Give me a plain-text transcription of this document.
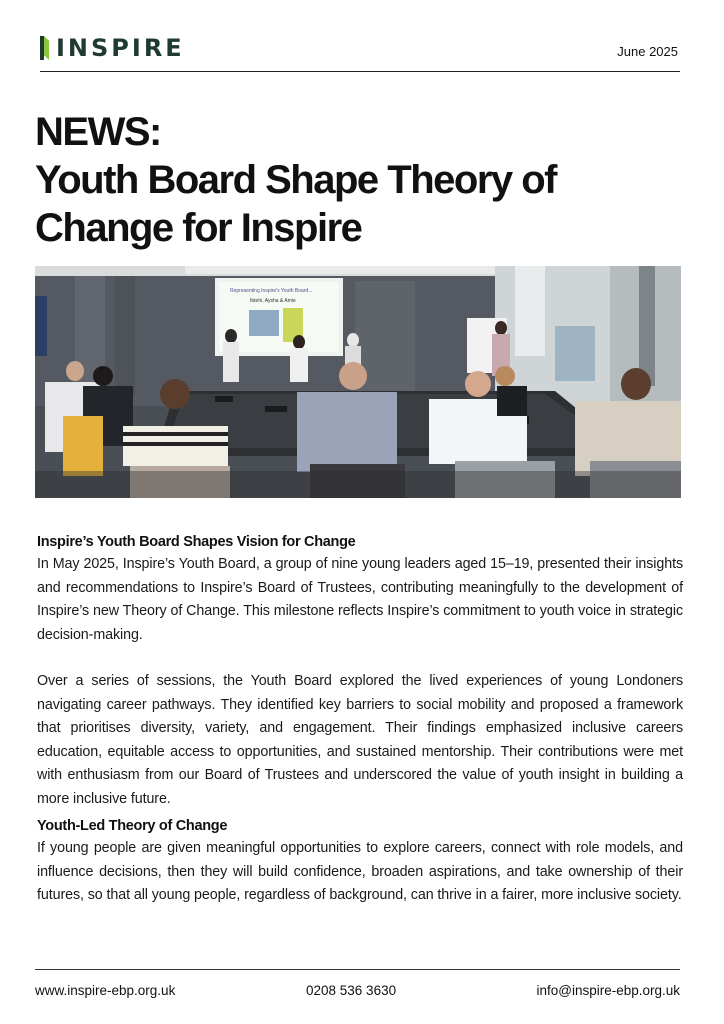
INSPIRE	June 2025
NEWS:
Youth Board Shape Theory of Change for Inspire
Representing Inspire's Youth Board...
Ibtehi, Aysha & Amie
Inspire’s Youth Board Shapes Vision for Change

In May 2025, Inspire’s Youth Board, a group of nine young leaders aged 15–19, presented their insights and recommendations to Inspire’s Board of Trustees, contributing meaningfully to the development of Inspire’s new Theory of Change. This milestone reflects Inspire’s commitment to youth voice in strategic decision-making.

Over a series of sessions, the Youth Board explored the lived experiences of young Londoners navigating career pathways. They identified key barriers to social mobility and proposed a framework that prioritises diversity, variety, and engagement. Their findings emphasized inclusive careers education, equitable access to opportunities, and sustained mentorship. Their contributions were met with enthusiasm from our Board of Trustees and underscored the value of youth insight in building a more inclusive future.

Youth-Led Theory of Change

If young people are given meaningful opportunities to explore careers, connect with role models, and influence decisions, then they will build confidence, broaden aspirations, and take ownership of their futures, so that all young people, regardless of background, can thrive in a fairer, more inclusive society.

www.inspire-ebp.org.uk	0208 536 3630	info@inspire-ebp.org.uk
